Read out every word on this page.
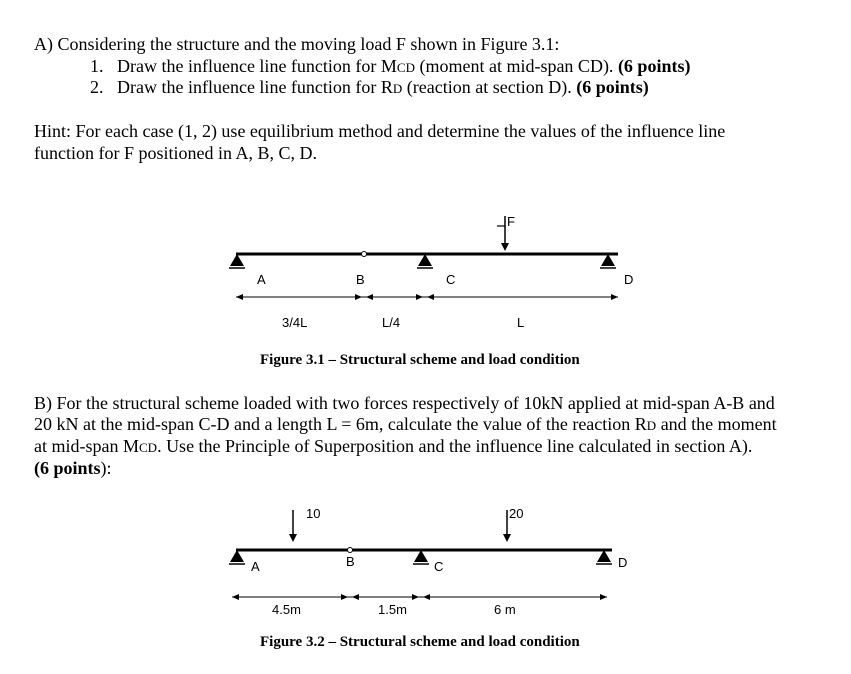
A) Considering the structure and the moving load F shown in Figure 3.1:
1. Draw the influence line function for MCD (moment at mid-span CD). (6 points)
2. Draw the influence line function for RD (reaction at section D). (6 points)
Hint: For each case (1, 2) use equilibrium method and determine the values of the influence line
function for F positioned in A, B, C, D.
F
A	B	C	D
3/4L	L/4	L
Figure 3.1 – Structural scheme and load condition
B) For the structural scheme loaded with two forces respectively of 10kN applied at mid-span A-B and
20 kN at the mid-span C-D and a length L = 6m, calculate the value of the reaction RD and the moment
at mid-span MCD. Use the Principle of Superposition and the influence line calculated in section A).
(6 points):
10	20
A	B	C	D
4.5m	1.5m	6 m
Figure 3.2 – Structural scheme and load condition
